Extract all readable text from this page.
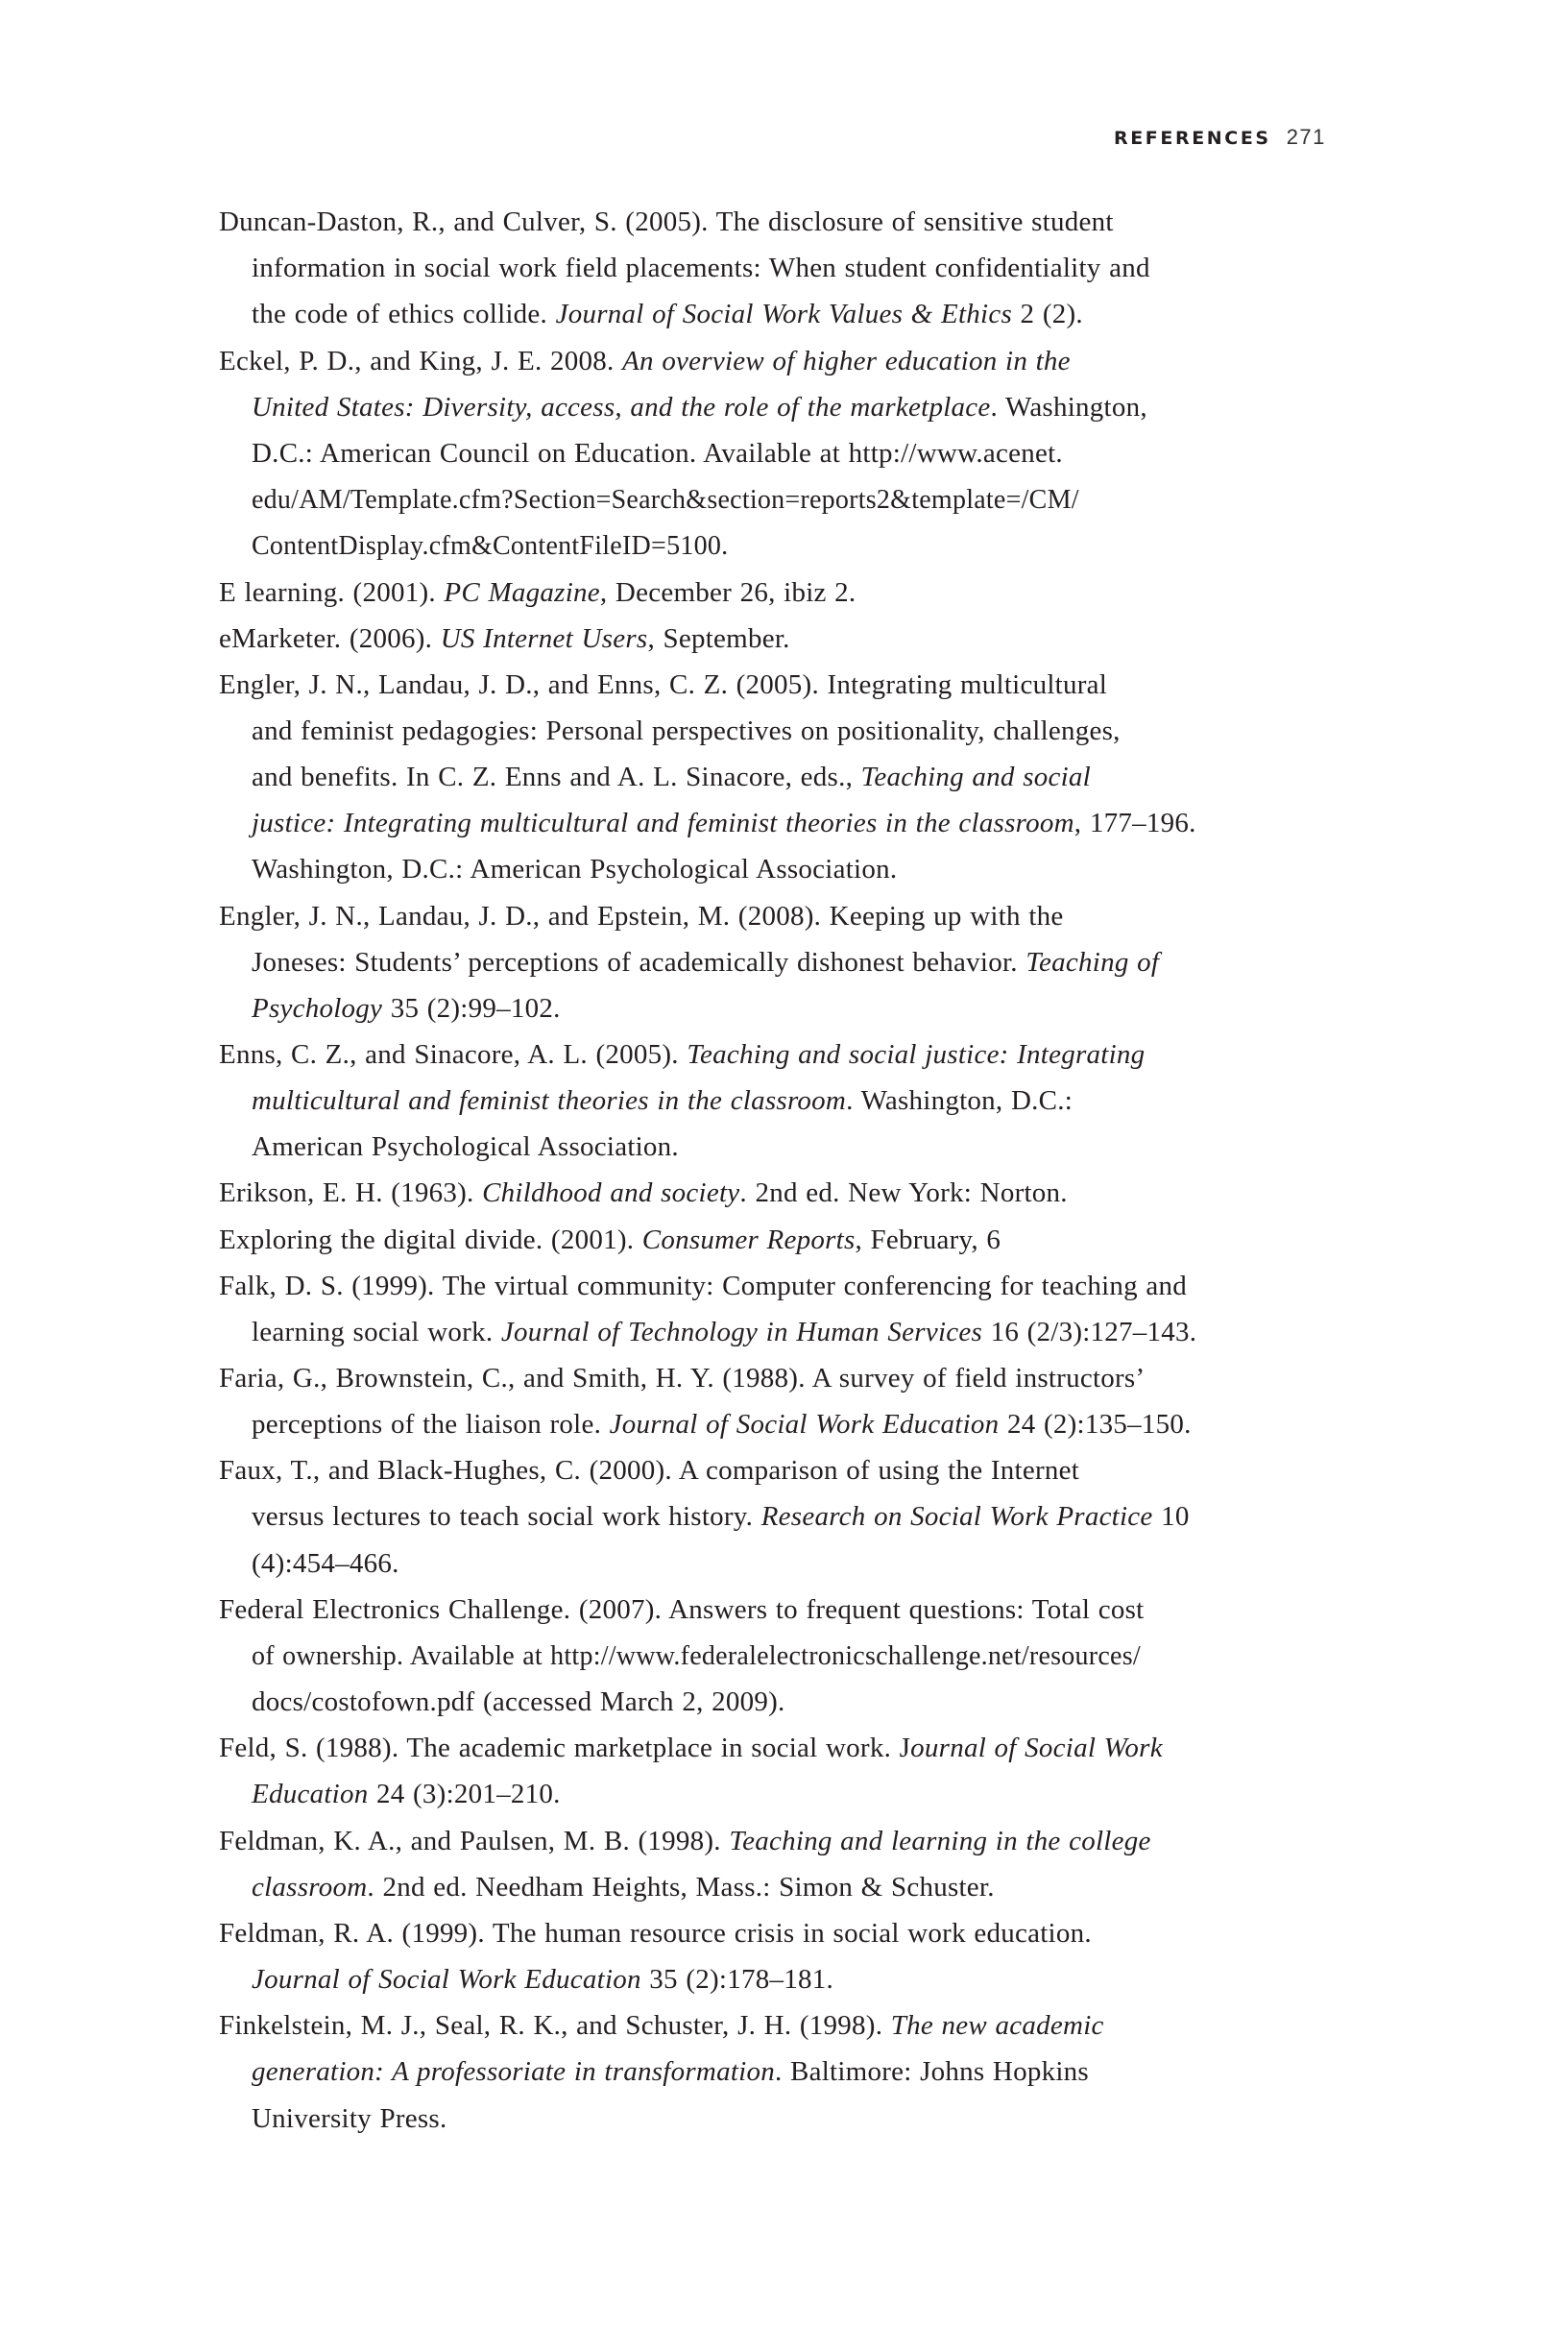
REFERENCES 271
Duncan-Daston, R., and Culver, S. (2005). The disclosure of sensitive student
information in social work field placements: When student confidentiality and
the code of ethics collide. Journal of Social Work Values & Ethics 2 (2).
Eckel, P. D., and King, J. E. 2008. An overview of higher education in the
United States: Diversity, access, and the role of the marketplace. Washington,
D.C.: American Council on Education. Available at http://www.acenet.
edu/AM/Template.cfm?Section=Search&section=reports2&template=/CM/
ContentDisplay.cfm&ContentFileID=5100.
E learning. (2001). PC Magazine, December 26, ibiz 2.
eMarketer. (2006). US Internet Users, September.
Engler, J. N., Landau, J. D., and Enns, C. Z. (2005). Integrating multicultural
and feminist pedagogies: Personal perspectives on positionality, challenges,
and benefits. In C. Z. Enns and A. L. Sinacore, eds., Teaching and social
justice: Integrating multicultural and feminist theories in the classroom, 177–196.
Washington, D.C.: American Psychological Association.
Engler, J. N., Landau, J. D., and Epstein, M. (2008). Keeping up with the
Joneses: Students’ perceptions of academically dishonest behavior. Teaching of
Psychology 35 (2):99–102.
Enns, C. Z., and Sinacore, A. L. (2005). Teaching and social justice: Integrating
multicultural and feminist theories in the classroom. Washington, D.C.:
American Psychological Association.
Erikson, E. H. (1963). Childhood and society. 2nd ed. New York: Norton.
Exploring the digital divide. (2001). Consumer Reports, February, 6
Falk, D. S. (1999). The virtual community: Computer conferencing for teaching and
learning social work. Journal of Technology in Human Services 16 (2/3):127–143.
Faria, G., Brownstein, C., and Smith, H. Y. (1988). A survey of field instructors’
perceptions of the liaison role. Journal of Social Work Education 24 (2):135–150.
Faux, T., and Black-Hughes, C. (2000). A comparison of using the Internet
versus lectures to teach social work history. Research on Social Work Practice 10
(4):454–466.
Federal Electronics Challenge. (2007). Answers to frequent questions: Total cost
of ownership. Available at http://www.federalelectronicschallenge.net/resources/
docs/costofown.pdf (accessed March 2, 2009).
Feld, S. (1988). The academic marketplace in social work. Journal of Social Work
Education 24 (3):201–210.
Feldman, K. A., and Paulsen, M. B. (1998). Teaching and learning in the college
classroom. 2nd ed. Needham Heights, Mass.: Simon & Schuster.
Feldman, R. A. (1999). The human resource crisis in social work education.
Journal of Social Work Education 35 (2):178–181.
Finkelstein, M. J., Seal, R. K., and Schuster, J. H. (1998). The new academic
generation: A professoriate in transformation. Baltimore: Johns Hopkins
University Press.
